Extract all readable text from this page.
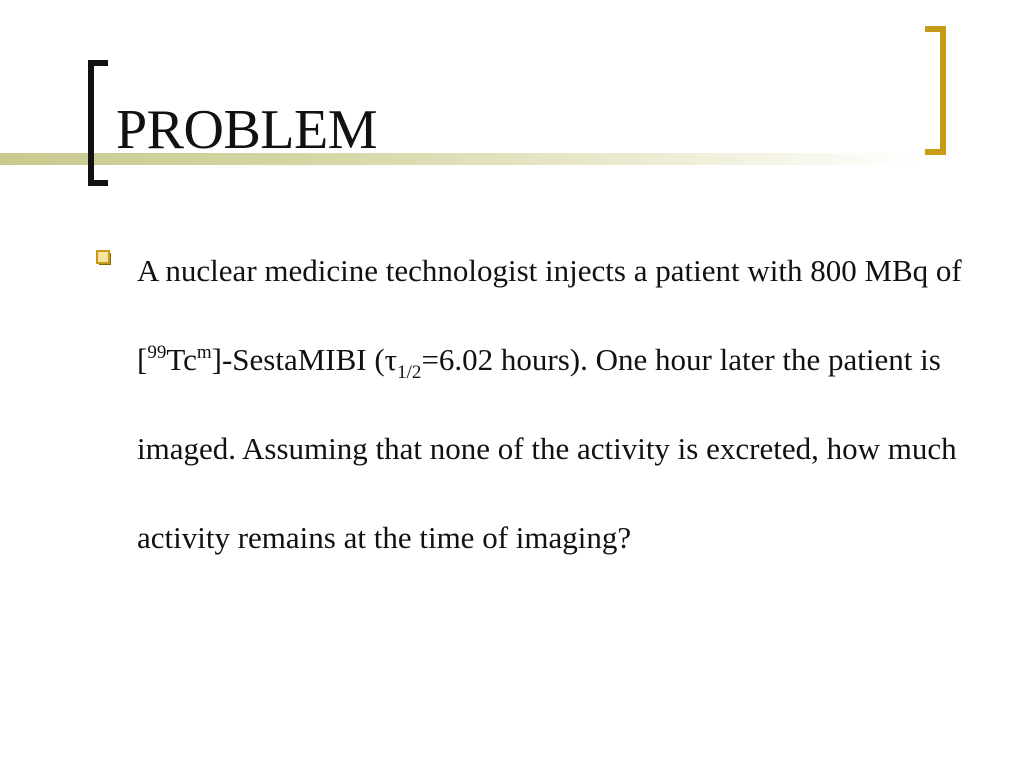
PROBLEM
A nuclear medicine technologist injects a patient with 800 MBq of [$^{99}$Tc$^m$]-SestaMIBI ($\tau_{1/2}=6.02$ hours). One hour later the patient is imaged. Assuming that none of the activity is excreted, how much activity remains at the time of imaging?
